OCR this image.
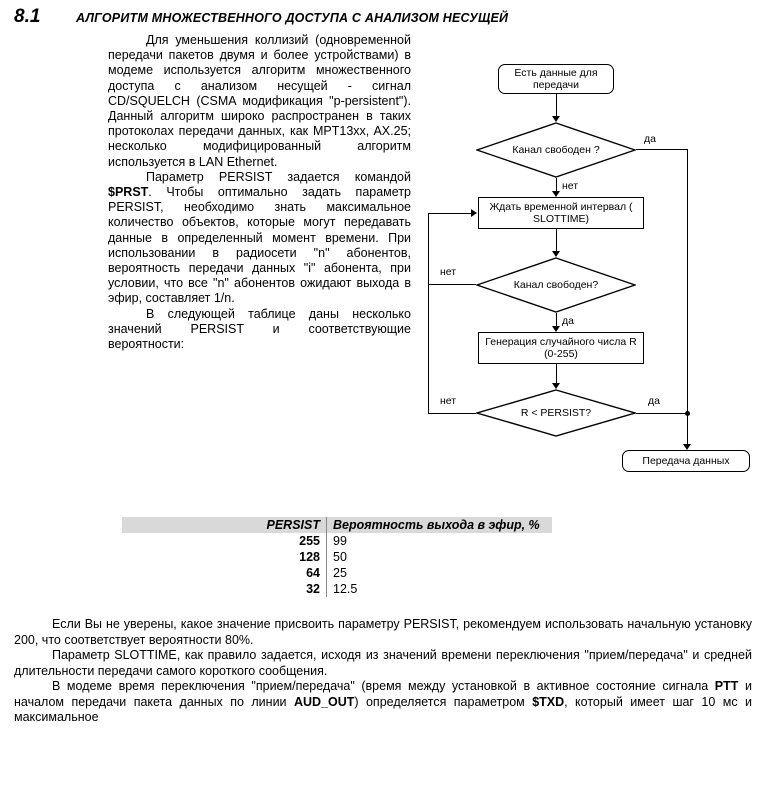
8.1	АЛГОРИТМ МНОЖЕСТВЕННОГО ДОСТУПА С АНАЛИЗОМ НЕСУЩЕЙ

Для уменьшения коллизий (одновременной передачи пакетов двумя и более устройствами) в модеме используется алгоритм множественного доступа с анализом несущей - сигнал CD/SQUELCH (CSMA модификация "p-persistent"). Данный алгоритм широко распространен в таких протоколах передачи данных, как MPT13xx, AX.25; несколько модифицированный алгоритм используется в LAN Ethernet.

Параметр PERSIST задается командой $PRST. Чтобы оптимально задать параметр PERSIST, необходимо знать максимальное количество объектов, которые могут передавать данные в определенный момент времени. При использовании в радиосети "n" абонентов, вероятность передачи данных "i" абонента, при условии, что все "n" абонентов ожидают выхода в эфир, составляет 1/n.

В следующей таблице даны несколько значений PERSIST и соответствующие вероятности:

Есть данные для передачи
Канал свободен ?
да
нет
Ждать временной интервал ( SLOTTIME)
Канал свободен?
нет
да
Генерация случайного числа R (0-255)
R < PERSIST?
нет	да
Передача данных
PERSIST	Вероятность выхода в эфир, %
255	99
128	50
64	25
32	12.5

Если Вы не уверены, какое значение присвоить параметру PERSIST, рекомендуем использовать начальную установку 200, что соответствует вероятности 80%.

Параметр SLOTTIME, как правило задается, исходя из значений времени переключения "прием/передача" и средней длительности передачи самого короткого сообщения.

В модеме время переключения "прием/передача" (время между установкой в активное состояние сигнала PTT и началом передачи пакета данных по линии AUD_OUT) определяется параметром $TXD, который имеет шаг 10 мс и максимальное
